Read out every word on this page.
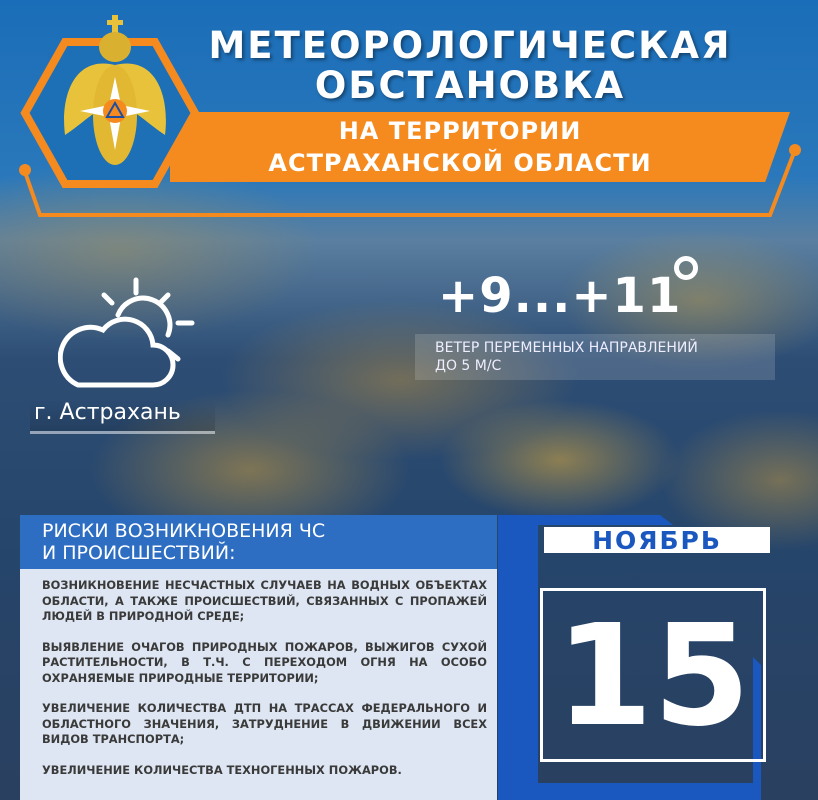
МЕТЕОРОЛОГИЧЕСКАЯ
ОБСТАНОВКА
НА ТЕРРИТОРИИ
АСТРАХАНСКОЙ ОБЛАСТИ
г. Астрахань
+9...+11
ВЕТЕР ПЕРЕМЕННЫХ НАПРАВЛЕНИЙ
ДО 5 М/С
РИСКИ ВОЗНИКНОВЕНИЯ ЧС
И ПРОИСШЕСТВИЙ:

ВОЗНИКНОВЕНИЕ НЕСЧАСТНЫХ СЛУЧАЕВ НА ВОДНЫХ ОБЪЕКТАХ ОБЛАСТИ, А ТАКЖЕ ПРОИСШЕСТВИЙ, СВЯЗАННЫХ С ПРОПАЖЕЙ ЛЮДЕЙ В ПРИРОДНОЙ СРЕДЕ;

ВЫЯВЛЕНИЕ ОЧАГОВ ПРИРОДНЫХ ПОЖАРОВ, ВЫЖИГОВ СУХОЙ РАСТИТЕЛЬНОСТИ, В Т.Ч. С ПЕРЕХОДОМ ОГНЯ НА ОСОБО ОХРАНЯЕМЫЕ ПРИРОДНЫЕ ТЕРРИТОРИИ;

УВЕЛИЧЕНИЕ КОЛИЧЕСТВА ДТП НА ТРАССАХ ФЕДЕРАЛЬНОГО И ОБЛАСТНОГО ЗНАЧЕНИЯ, ЗАТРУДНЕНИЕ В ДВИЖЕНИИ ВСЕХ ВИДОВ ТРАНСПОРТА;

УВЕЛИЧЕНИЕ КОЛИЧЕСТВА ТЕХНОГЕННЫХ ПОЖАРОВ.

НОЯБРЬ
15
